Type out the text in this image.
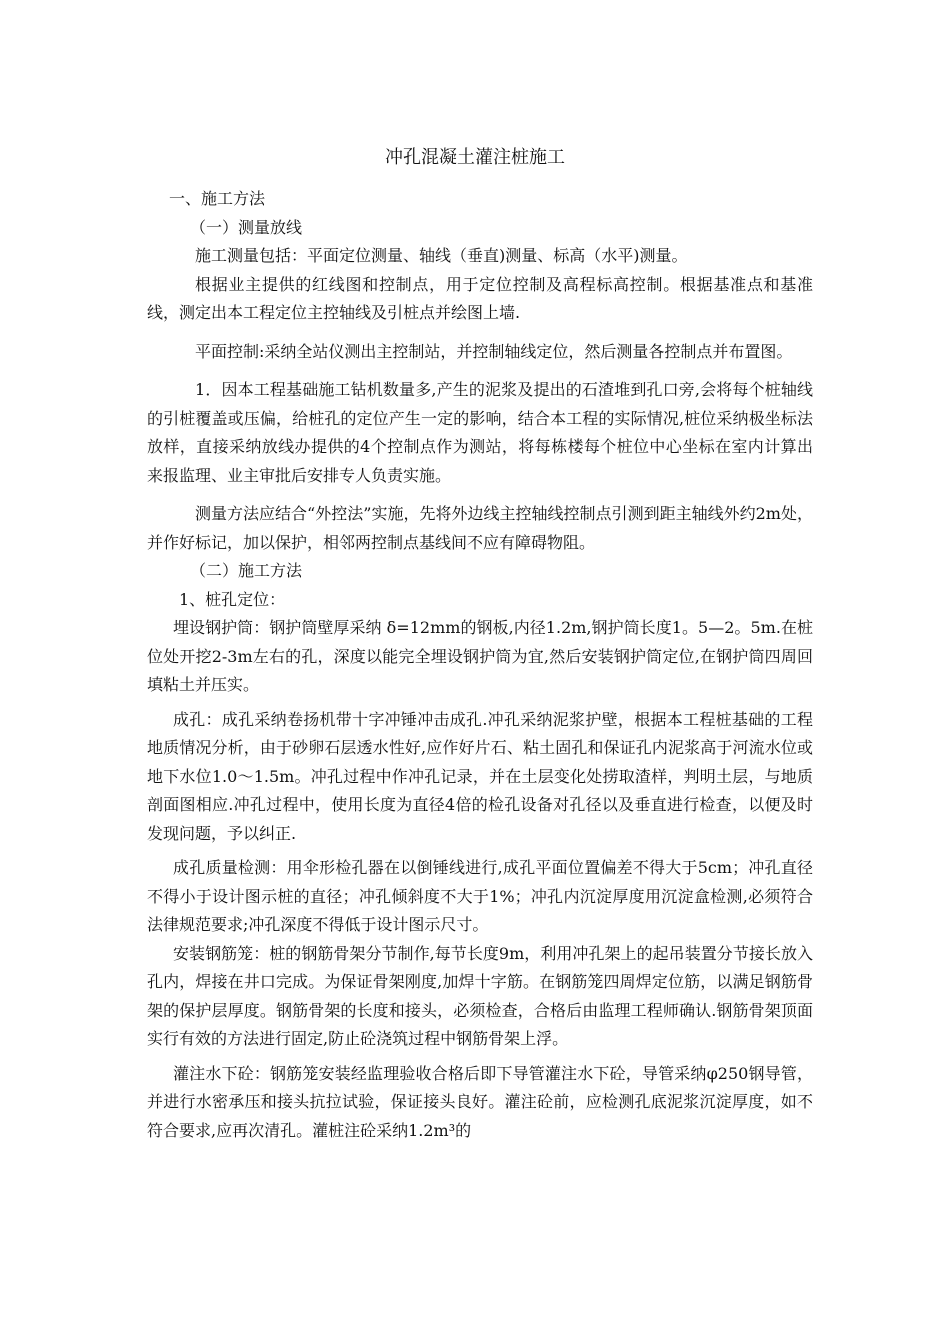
冲孔混凝土灌注桩施工

一、施工方法

（一）测量放线

施工测量包括：平面定位测量、轴线（垂直)测量、标高（水平)测量。

根据业主提供的红线图和控制点，用于定位控制及高程标高控制。根据基准点和基准线，测定出本工程定位主控轴线及引桩点并绘图上墙.

平面控制:采纳全站仪测出主控制站，并控制轴线定位，然后测量各控制点并布置图。

1．因本工程基础施工钻机数量多,产生的泥浆及提出的石渣堆到孔口旁,会将每个桩轴线的引桩覆盖或压偏，给桩孔的定位产生一定的影响，结合本工程的实际情况,桩位采纳极坐标法放样，直接采纳放线办提供的4个控制点作为测站，将每栋楼每个桩位中心坐标在室内计算出来报监理、业主审批后安排专人负责实施。

测量方法应结合“外控法”实施，先将外边线主控轴线控制点引测到距主轴线外约2m处，并作好标记，加以保护，相邻两控制点基线间不应有障碍物阻。

（二）施工方法

1、桩孔定位：

埋设钢护筒：钢护筒壁厚采纳 δ=12mm的钢板,内径1.2m,钢护筒长度1。5—2。5m.在桩位处开挖2-3m左右的孔，深度以能完全埋设钢护筒为宜,然后安装钢护筒定位,在钢护筒四周回填粘土并压实。

成孔：成孔采纳卷扬机带十字冲锤冲击成孔.冲孔采纳泥浆护壁，根据本工程桩基础的工程地质情况分析，由于砂卵石层透水性好,应作好片石、粘土固孔和保证孔内泥浆高于河流水位或地下水位1.0～1.5m。冲孔过程中作冲孔记录，并在土层变化处捞取渣样，判明土层，与地质剖面图相应.冲孔过程中，使用长度为直径4倍的检孔设备对孔径以及垂直进行检查，以便及时发现问题，予以纠正.

成孔质量检测：用伞形检孔器在以倒锤线进行,成孔平面位置偏差不得大于5cm；冲孔直径不得小于设计图示桩的直径；冲孔倾斜度不大于1%；冲孔内沉淀厚度用沉淀盒检测,必须符合法律规范要求;冲孔深度不得低于设计图示尺寸。

安装钢筋笼：桩的钢筋骨架分节制作,每节长度9m，利用冲孔架上的起吊装置分节接长放入孔内，焊接在井口完成。为保证骨架刚度,加焊十字筋。在钢筋笼四周焊定位筋，以满足钢筋骨架的保护层厚度。钢筋骨架的长度和接头，必须检查，合格后由监理工程师确认.钢筋骨架顶面实行有效的方法进行固定,防止砼浇筑过程中钢筋骨架上浮。

灌注水下砼：钢筋笼安装经监理验收合格后即下导管灌注水下砼，导管采纳φ250钢导管，并进行水密承压和接头抗拉试验，保证接头良好。灌注砼前，应检测孔底泥浆沉淀厚度，如不符合要求,应再次清孔。灌桩注砼采纳1.2m³的
